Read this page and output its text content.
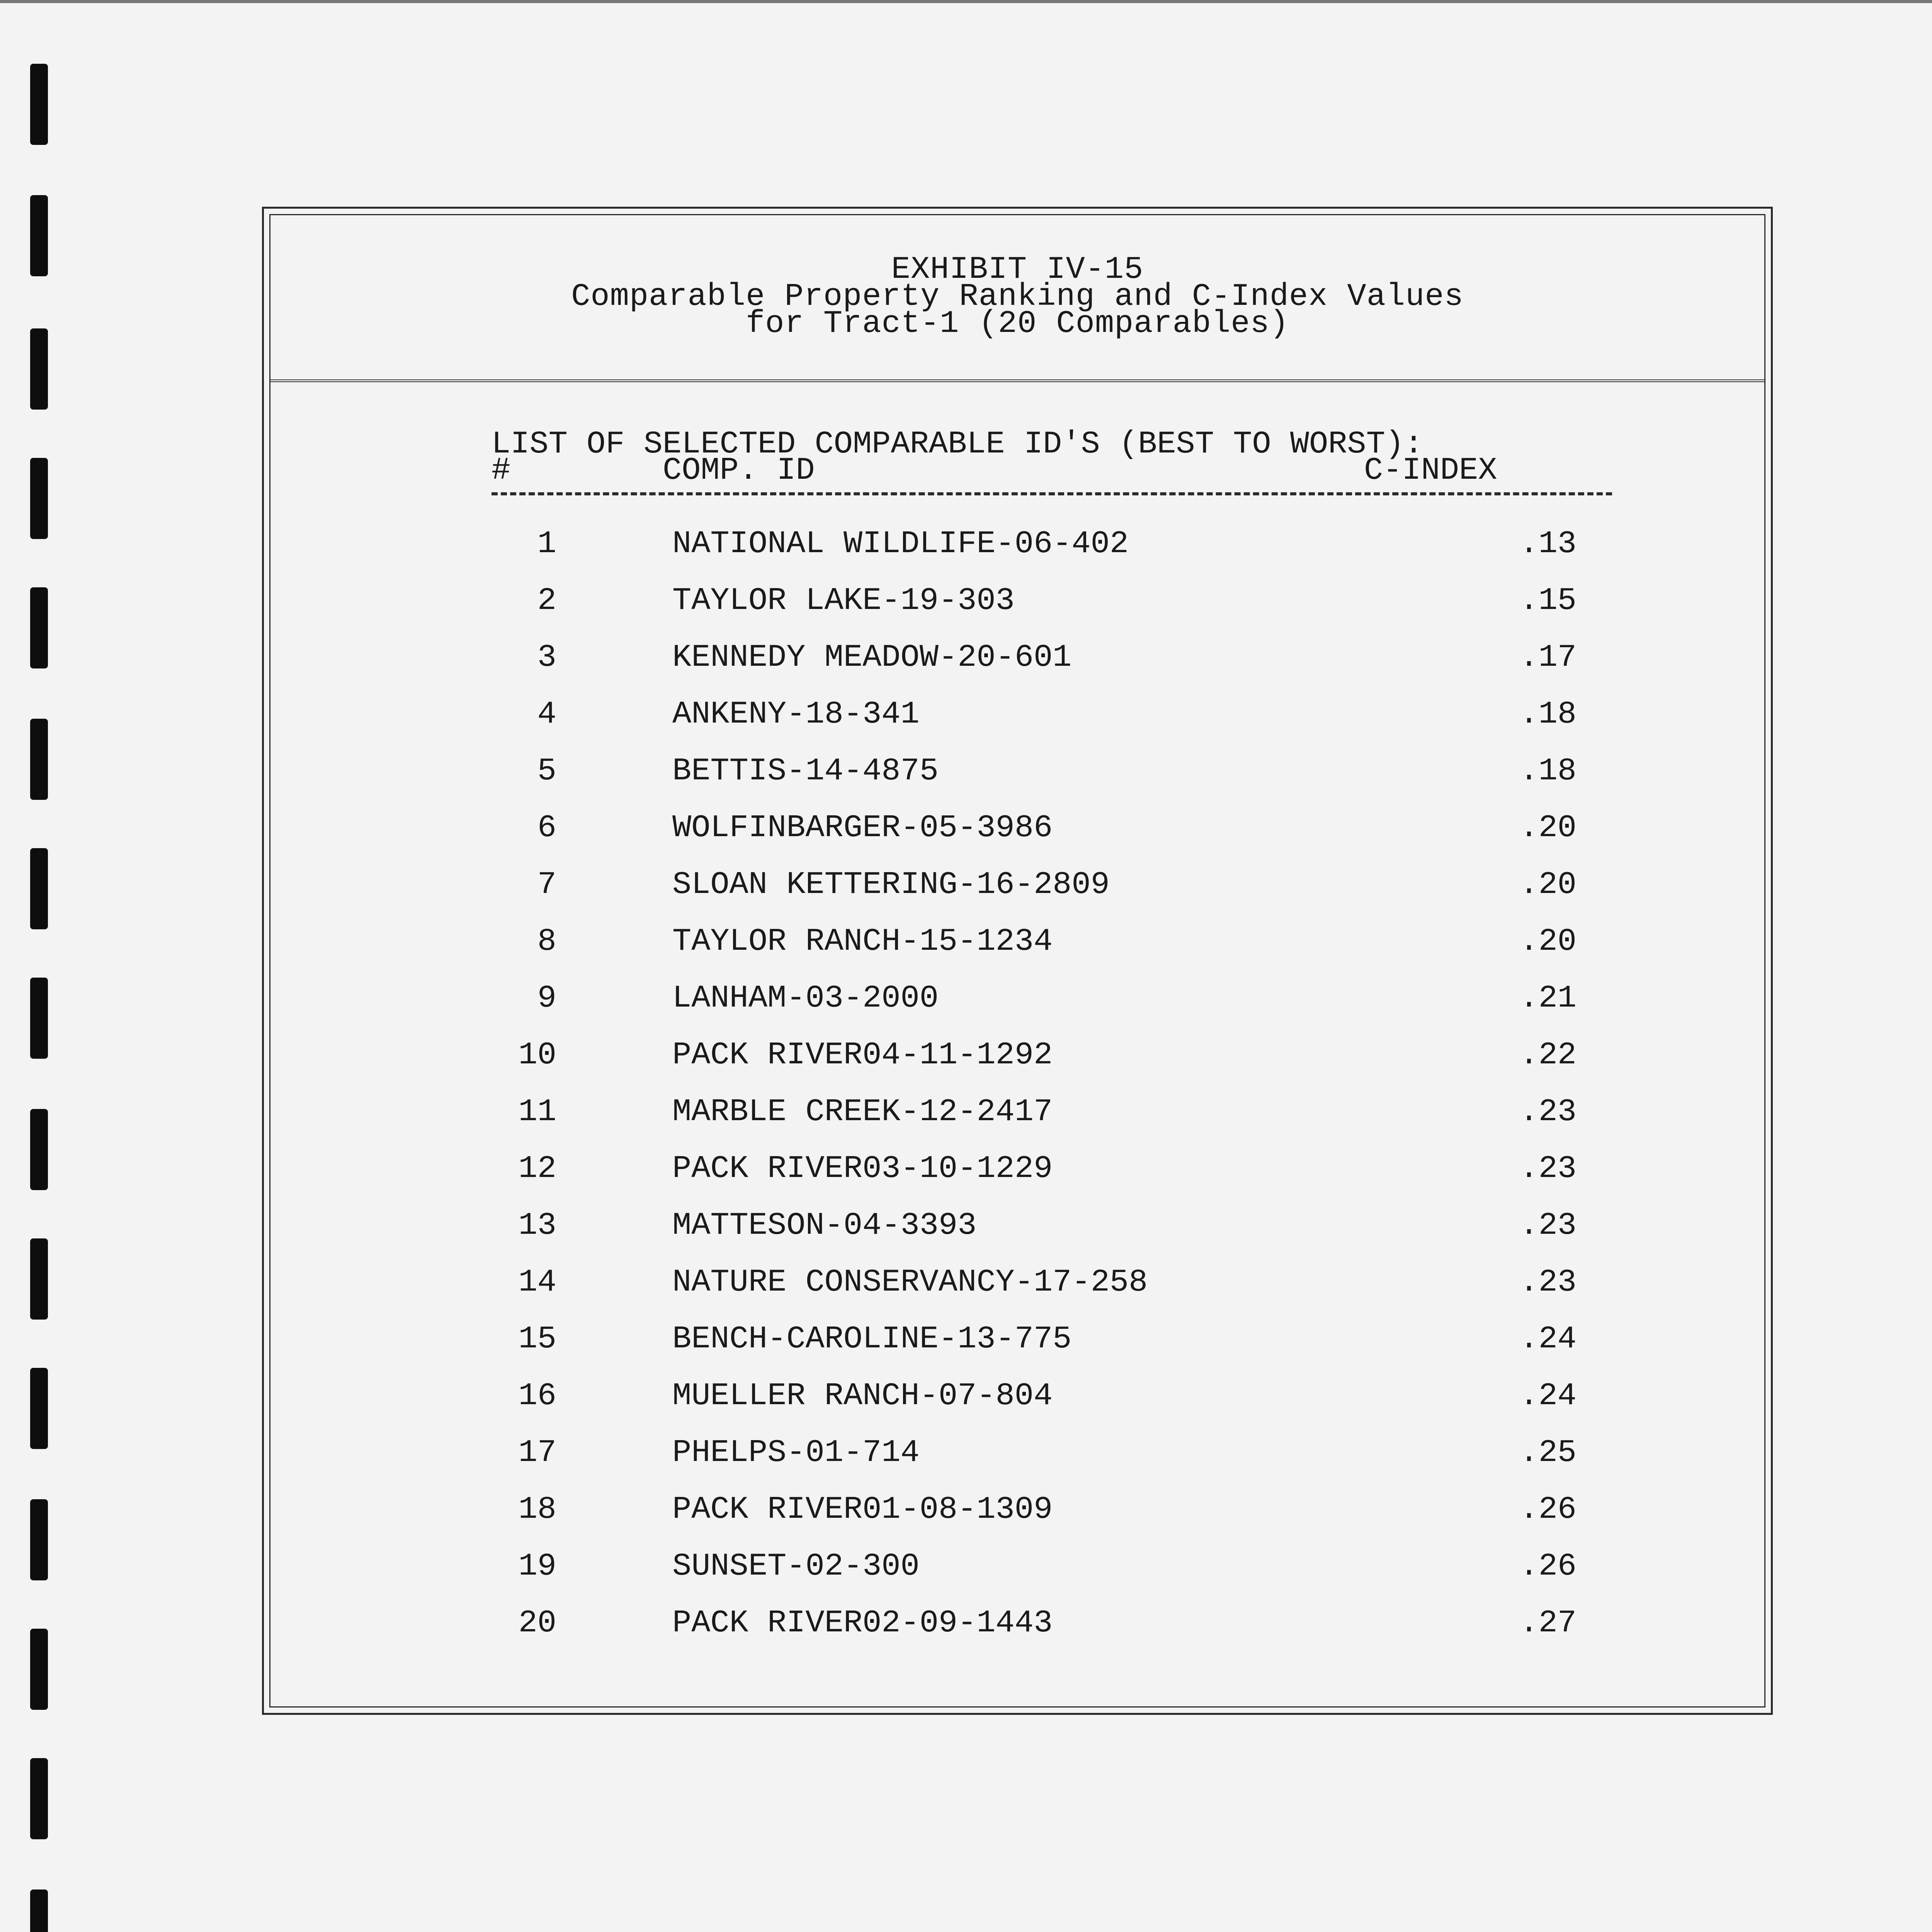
EXHIBIT IV-15
Comparable Property Ranking and C-Index Values
for Tract-1 (20 Comparables)
LIST OF SELECTED COMPARABLE ID'S (BEST TO WORST):
#	COMP. ID	C-INDEX
1	NATIONAL WILDLIFE-06-402	.13
2	TAYLOR LAKE-19-303	.15
3	KENNEDY MEADOW-20-601	.17
4	ANKENY-18-341	.18
5	BETTIS-14-4875	.18
6	WOLFINBARGER-05-3986	.20
7	SLOAN KETTERING-16-2809	.20
8	TAYLOR RANCH-15-1234	.20
9	LANHAM-03-2000	.21
10	PACK RIVER04-11-1292	.22
11	MARBLE CREEK-12-2417	.23
12	PACK RIVER03-10-1229	.23
13	MATTESON-04-3393	.23
14	NATURE CONSERVANCY-17-258	.23
15	BENCH-CAROLINE-13-775	.24
16	MUELLER RANCH-07-804	.24
17	PHELPS-01-714	.25
18	PACK RIVER01-08-1309	.26
19	SUNSET-02-300	.26
20	PACK RIVER02-09-1443	.27
